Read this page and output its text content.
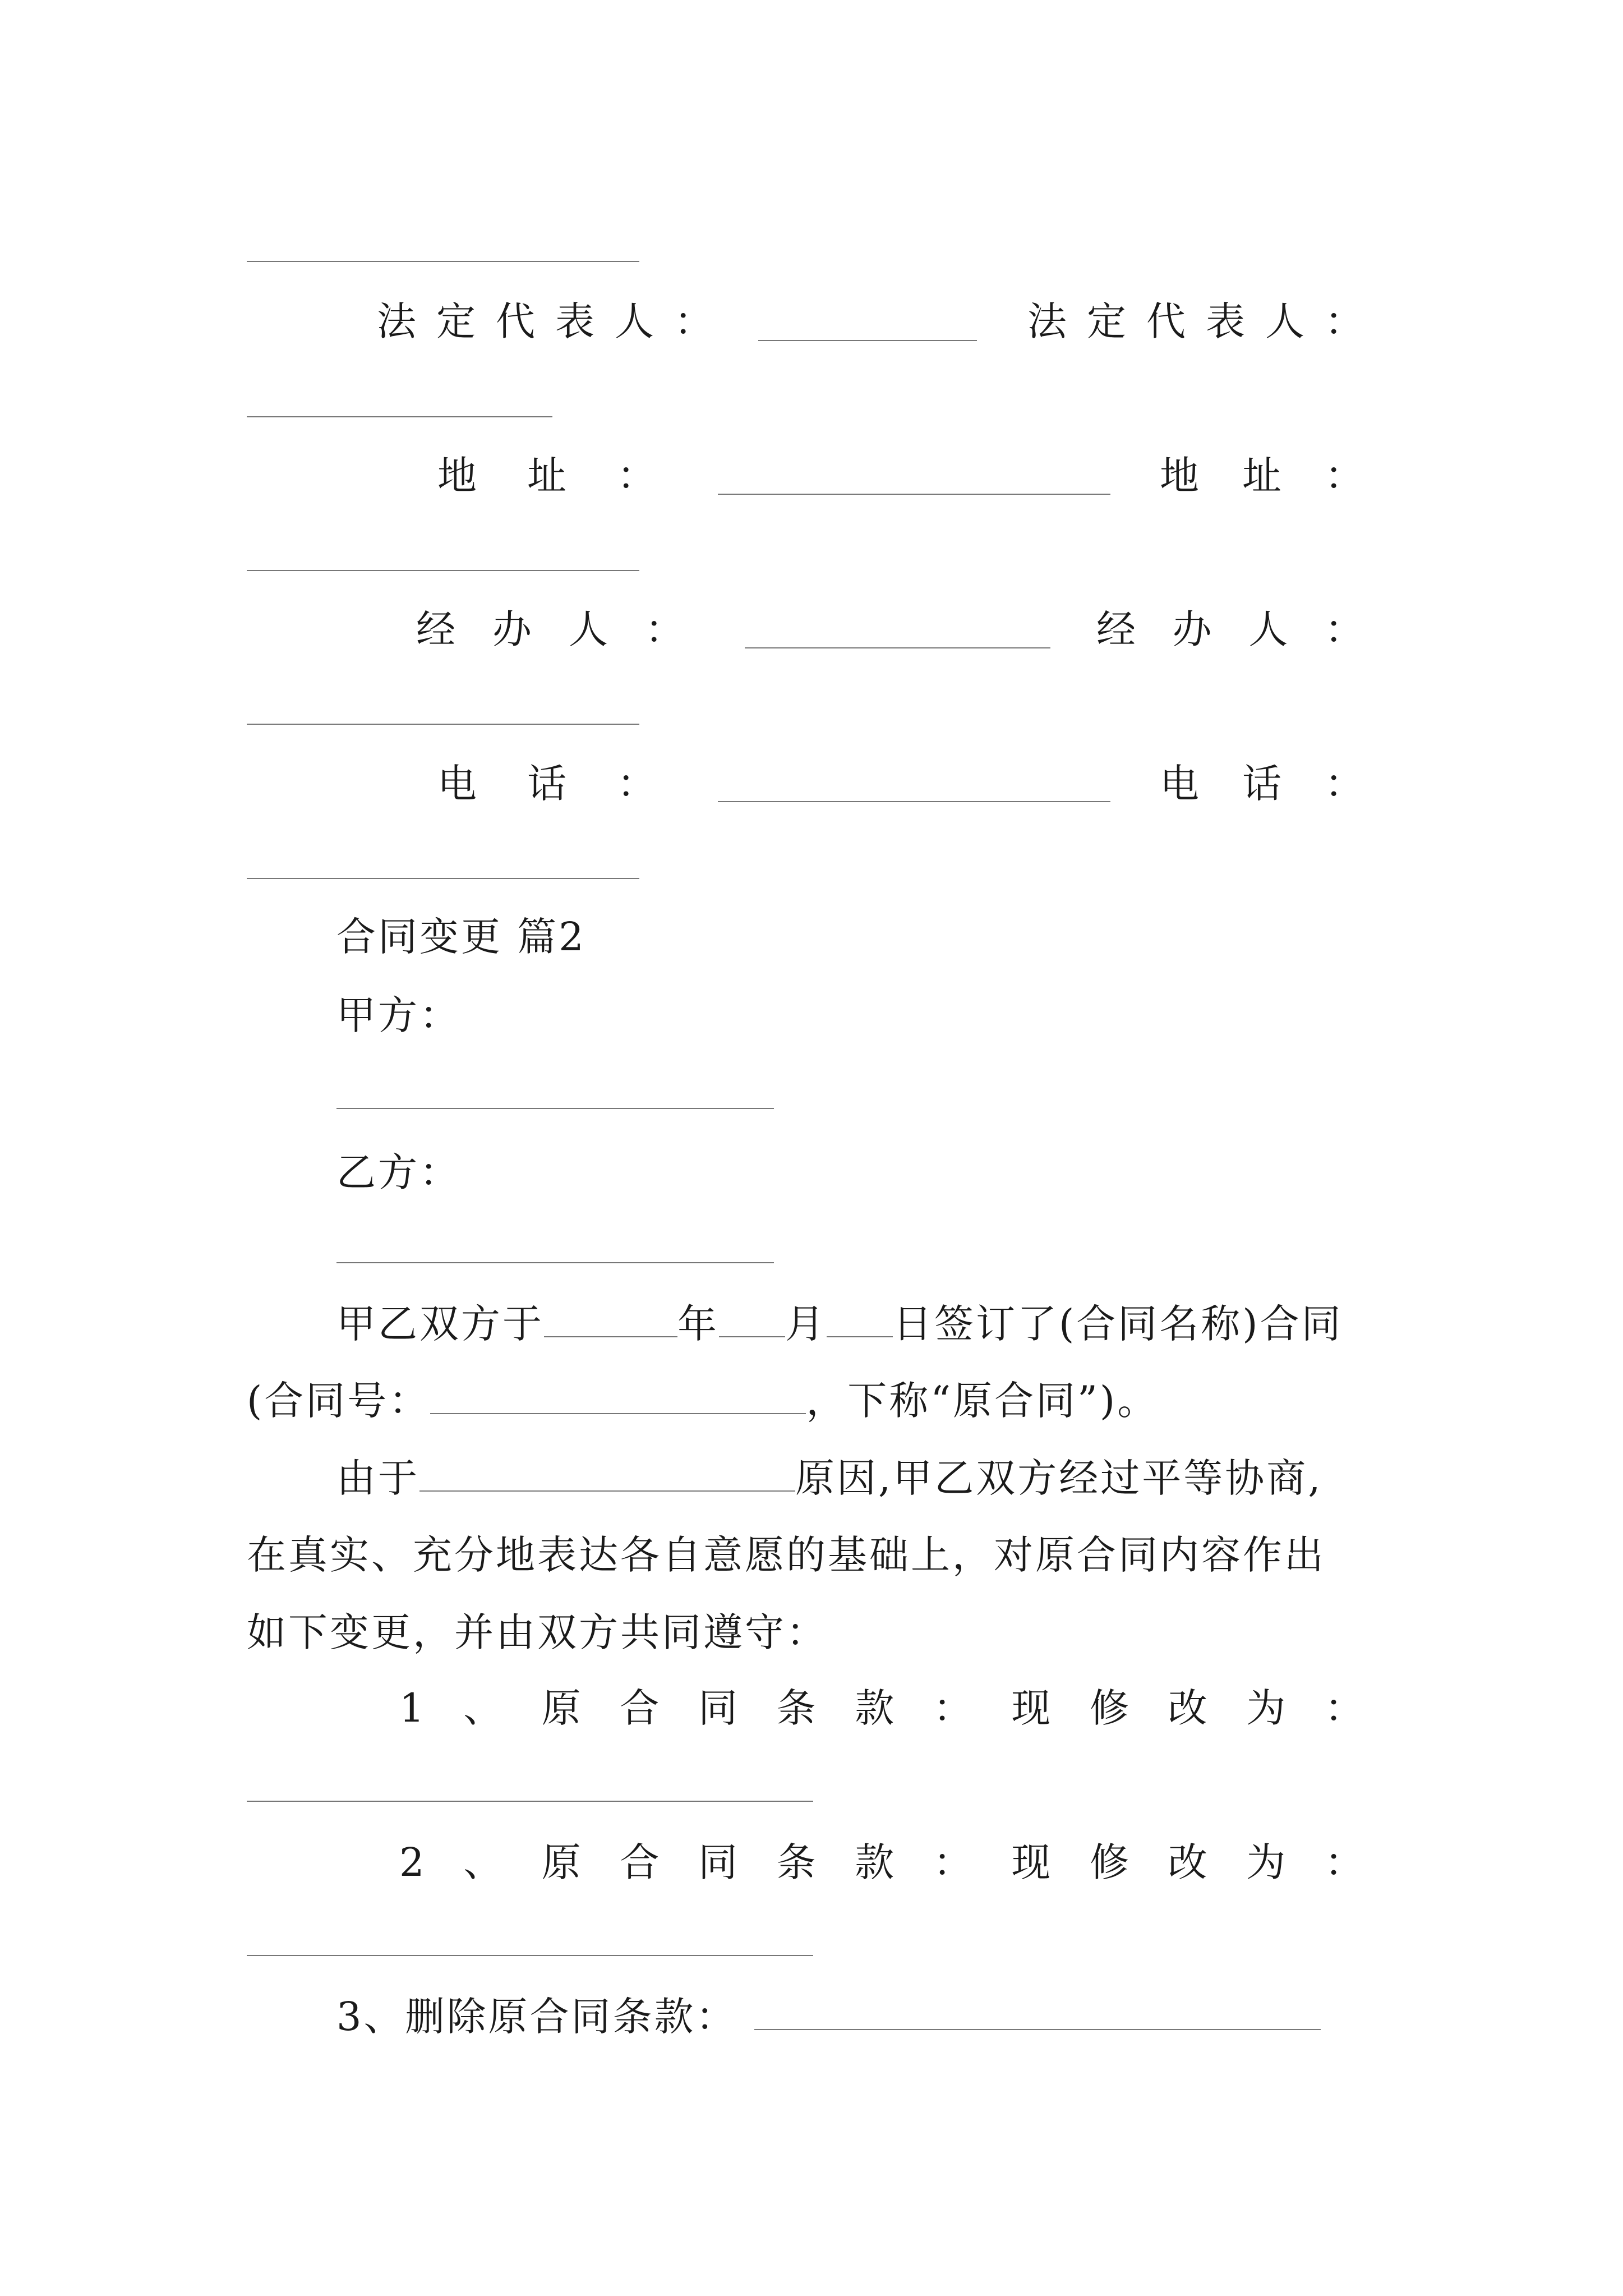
法 定 代 表 人 ：	法 定 代 表 人 ：
地 址 ：	地 址 ：
经 办 人 ：	经 办 人 ：
电 话 ：	电 话 ：
合同变更 篇2
甲方：
乙方：
甲乙双方于	年 月 日签订了(合同名称)合同
(合同号：	，下称“原合同”)。
由于	原因,甲乙双方经过平等协商,
在真实、充分地表达各自意愿的基础上，对原合同内容作出
如下变更，并由双方共同遵守：
1 、 原 合 同 条 款 ： 现 修 改 为 ：
2 、 原 合 同 条 款 ： 现 修 改 为 ：
3、删除原合同条款：
